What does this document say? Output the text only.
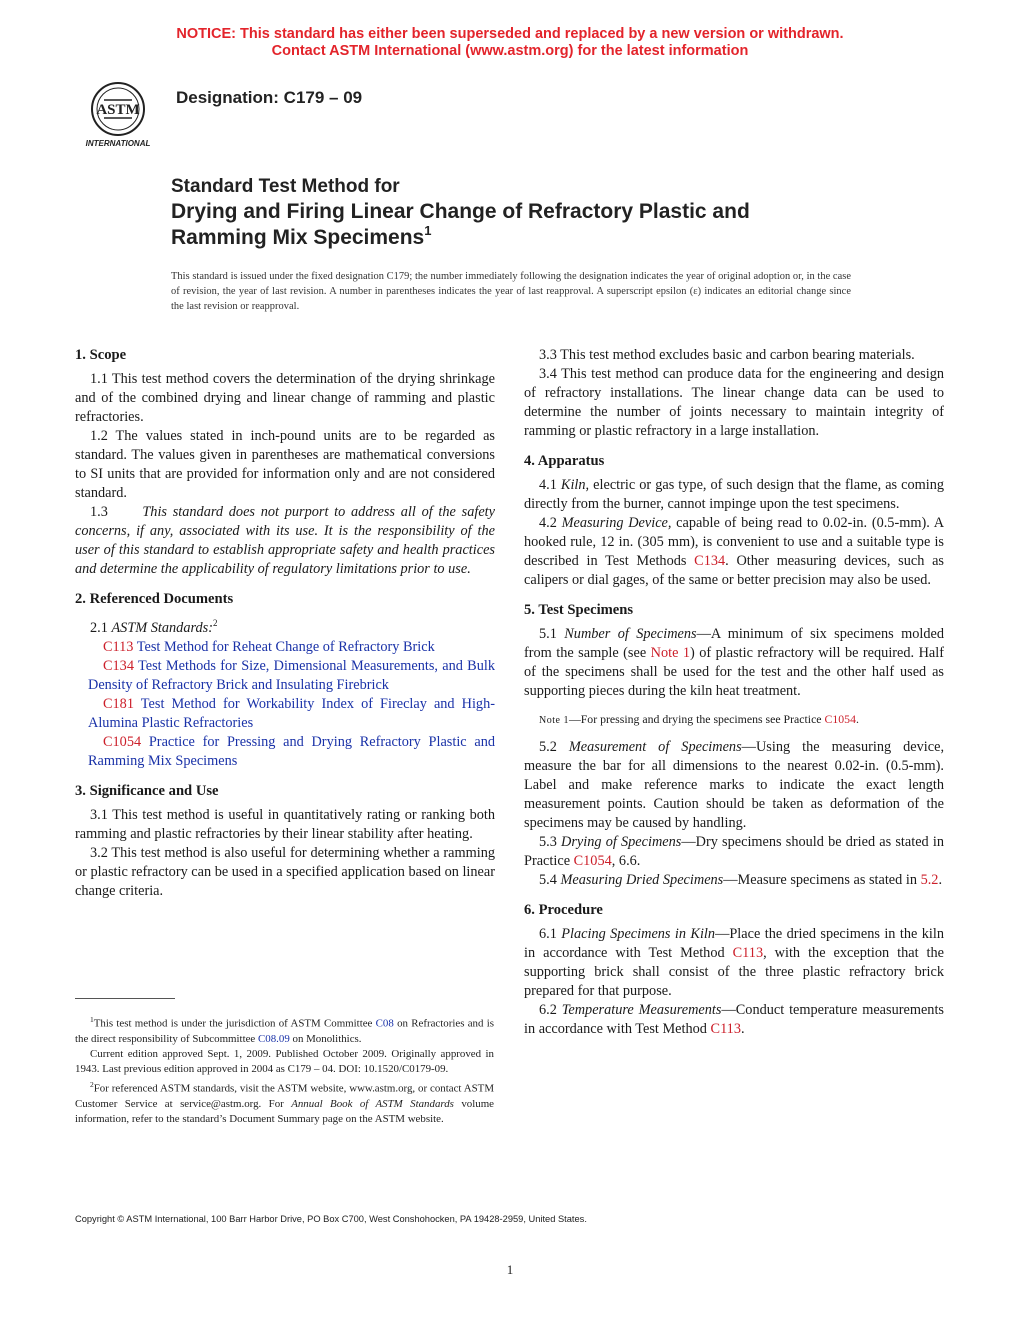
NOTICE: This standard has either been superseded and replaced by a new version or withdrawn.
Contact ASTM International (www.astm.org) for the latest information
ASTM
INTERNATIONAL
Designation: C179 – 09
Standard Test Method for
Drying and Firing Linear Change of Refractory Plastic and
Ramming Mix Specimens$^1$
This standard is issued under the fixed designation C179; the number immediately following the designation indicates the year of original adoption or, in the case of revision, the year of last revision. A number in parentheses indicates the year of last reapproval. A superscript epsilon (ε) indicates an editorial change since the last revision or reapproval.
1. Scope

1.1 This test method covers the determination of the drying shrinkage and of the combined drying and linear change of ramming and plastic refractories.

1.2 The values stated in inch-pound units are to be regarded as standard. The values given in parentheses are mathematical conversions to SI units that are provided for information only and are not considered standard.

1.3 This standard does not purport to address all of the safety concerns, if any, associated with its use. It is the responsibility of the user of this standard to establish appropriate safety and health practices and determine the applicability of regulatory limitations prior to use.

2. Referenced Documents

2.1 ASTM Standards:$^2$

C113 Test Method for Reheat Change of Refractory Brick

C134 Test Methods for Size, Dimensional Measurements, and Bulk Density of Refractory Brick and Insulating Firebrick

C181 Test Method for Workability Index of Fireclay and High-Alumina Plastic Refractories

C1054 Practice for Pressing and Drying Refractory Plastic and Ramming Mix Specimens

3. Significance and Use

3.1 This test method is useful in quantitatively rating or ranking both ramming and plastic refractories by their linear stability after heating.

3.2 This test method is also useful for determining whether a ramming or plastic refractory can be used in a specified application based on linear change criteria.

3.3 This test method excludes basic and carbon bearing materials.

3.4 This test method can produce data for the engineering and design of refractory installations. The linear change data can be used to determine the number of joints necessary to maintain integrity of ramming or plastic refractory in a large installation.

4. Apparatus

4.1 Kiln, electric or gas type, of such design that the flame, as coming directly from the burner, cannot impinge upon the test specimens.

4.2 Measuring Device, capable of being read to 0.02-in. (0.5-mm). A hooked rule, 12 in. (305 mm), is convenient to use and a suitable type is described in Test Methods C134. Other measuring devices, such as calipers or dial gages, of the same or better precision may also be used.

5. Test Specimens

5.1 Number of Specimens—A minimum of six specimens molded from the sample (see Note 1) of plastic refractory will be required. Half of the specimens shall be used for the test and the other half used as supporting pieces during the kiln heat treatment.

Note 1—For pressing and drying the specimens see Practice C1054.

5.2 Measurement of Specimens—Using the measuring device, measure the bar for all dimensions to the nearest 0.02-in. (0.5-mm). Label and make reference marks to indicate the exact length measurement points. Caution should be taken as deformation of the specimens may be caused by handling.

5.3 Drying of Specimens—Dry specimens should be dried as stated in Practice C1054, 6.6.

5.4 Measuring Dried Specimens—Measure specimens as stated in 5.2.

6. Procedure

6.1 Placing Specimens in Kiln—Place the dried specimens in the kiln in accordance with Test Method C113, with the exception that the supporting brick shall consist of the three plastic refractory brick prepared for that purpose.

6.2 Temperature Measurements—Conduct temperature measurements in accordance with Test Method C113.

$^1$This test method is under the jurisdiction of ASTM Committee C08 on Refractories and is the direct responsibility of Subcommittee C08.09 on Monolithics.

Current edition approved Sept. 1, 2009. Published October 2009. Originally approved in 1943. Last previous edition approved in 2004 as C179 – 04. DOI: 10.1520/C0179-09.

$^2$For referenced ASTM standards, visit the ASTM website, www.astm.org, or contact ASTM Customer Service at service@astm.org. For Annual Book of ASTM Standards volume information, refer to the standard’s Document Summary page on the ASTM website.

Copyright © ASTM International, 100 Barr Harbor Drive, PO Box C700, West Conshohocken, PA 19428-2959, United States.
1
